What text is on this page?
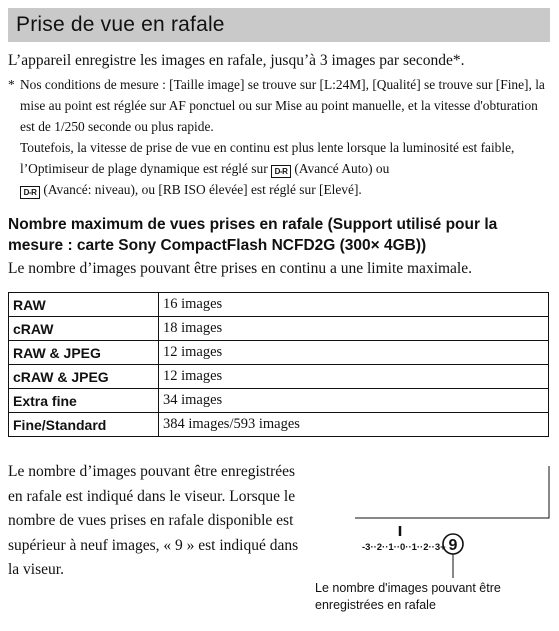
Prise de vue en rafale
L’appareil enregistre les images en rafale, jusqu’à 3 images par seconde*.
* Nos conditions de mesure : [Taille image] se trouve sur [L:24M], [Qualité] se trouve sur [Fine], la mise au point est réglée sur AF ponctuel ou sur Mise au point manuelle, et la vitesse d'obturation est de 1/250 seconde ou plus rapide.

Toutefois, la vitesse de prise de vue en continu est plus lente lorsque la luminosité est faible, l’Optimiseur de plage dynamique est réglé sur D-R (Avancé Auto) ou
D-R (Avancé: niveau), ou [RB ISO élevée] est réglé sur [Elevé].

Nombre maximum de vues prises en rafale (Support utilisé pour la mesure : carte Sony CompactFlash NCFD2G (300× 4GB))
Le nombre d’images pouvant être prises en continu a une limite maximale.
RAW	16 images
cRAW	18 images
RAW & JPEG	12 images
cRAW & JPEG	12 images
Extra fine	34 images
Fine/Standard	384 images/593 images
Le nombre d’images pouvant être enregistrées en rafale est indiqué dans le viseur. Lorsque le nombre de vues prises en rafale disponible est supérieur à neuf images, « 9 » est indiqué dans la viseur.
-3··2··1··0··1··2··3+ 9
Le nombre d'images pouvant être enregistrées en rafale
